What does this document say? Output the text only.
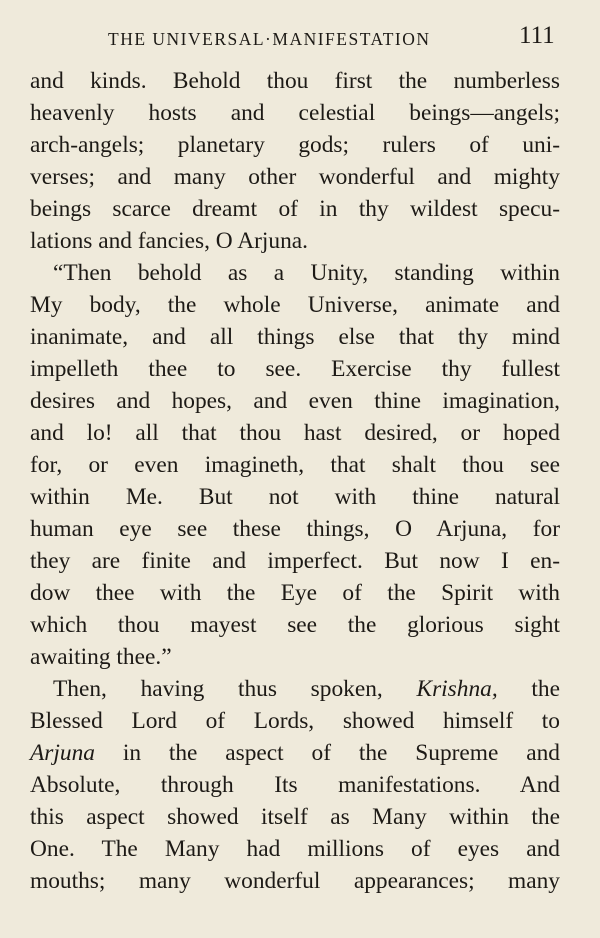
THE UNIVERSAL·MANIFESTATION	111
and kinds. Behold thou first the numberless
heavenly hosts and celestial beings—angels;
arch-angels; planetary gods; rulers of uni-
verses; and many other wonderful and mighty
beings scarce dreamt of in thy wildest specu-
lations and fancies, O Arjuna.
“Then behold as a Unity, standing within
My body, the whole Universe, animate and
inanimate, and all things else that thy mind
impelleth thee to see. Exercise thy fullest
desires and hopes, and even thine imagination,
and lo! all that thou hast desired, or hoped
for, or even imagineth, that shalt thou see
within Me. But not with thine natural
human eye see these things, O Arjuna, for
they are finite and imperfect. But now I en-
dow thee with the Eye of the Spirit with
which thou mayest see the glorious sight
awaiting thee.”
Then, having thus spoken, Krishna, the
Blessed Lord of Lords, showed himself to
Arjuna in the aspect of the Supreme and
Absolute, through Its manifestations. And
this aspect showed itself as Many within the
One. The Many had millions of eyes and
mouths; many wonderful appearances; many
